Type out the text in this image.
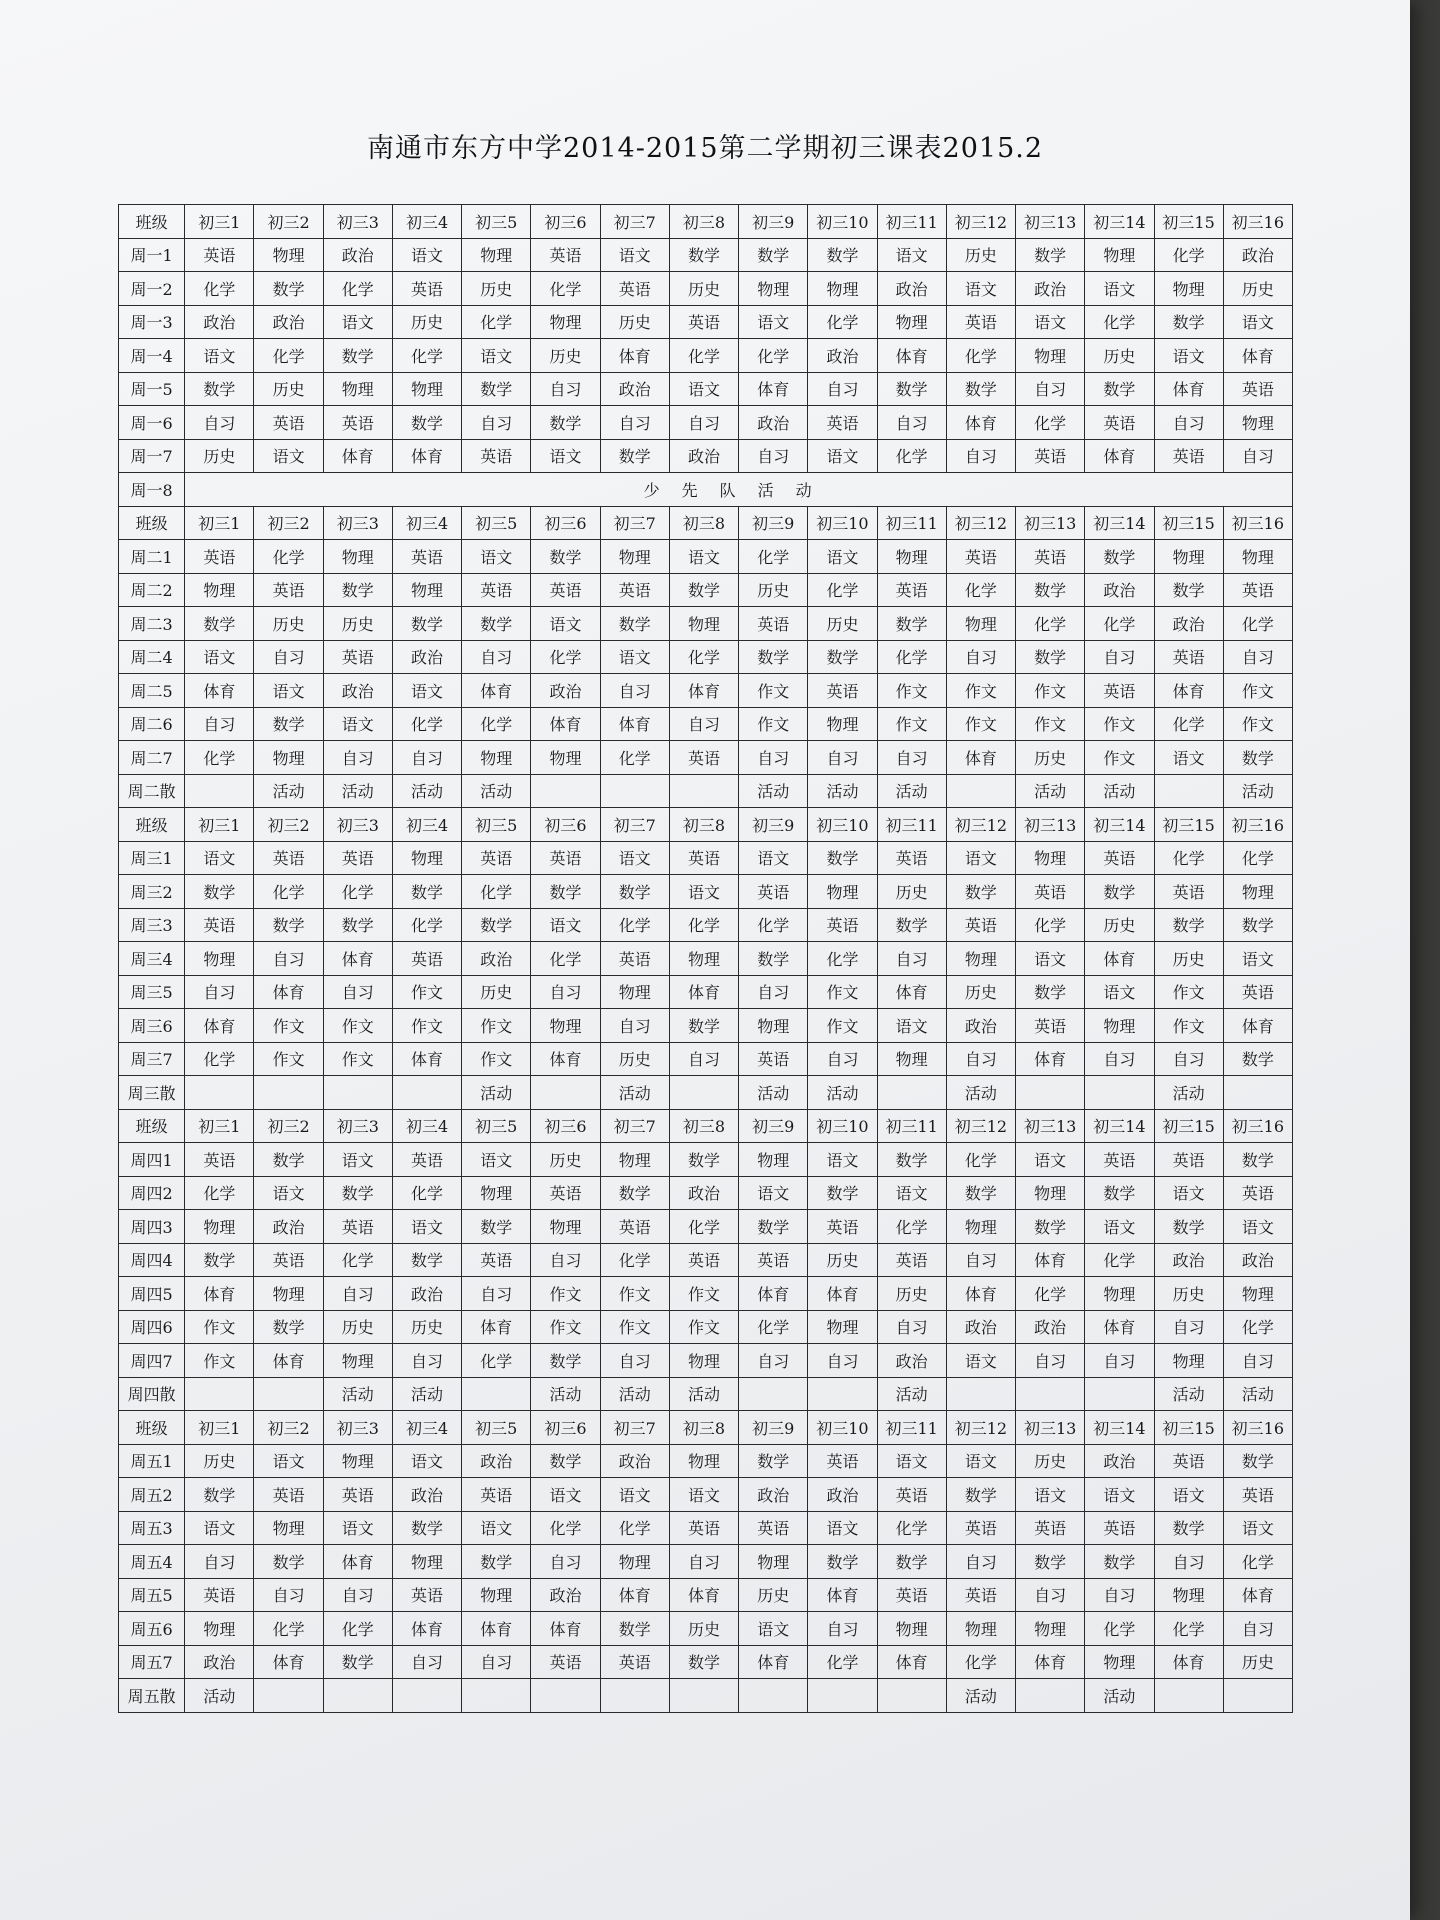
南通市东方中学2014-2015第二学期初三课表2015.2
班级	初三1	初三2	初三3	初三4	初三5	初三6	初三7	初三8	初三9	初三10	初三11	初三12	初三13	初三14	初三15	初三16
周一1	英语	物理	政治	语文	物理	英语	语文	数学	数学	数学	语文	历史	数学	物理	化学	政治
周一2	化学	数学	化学	英语	历史	化学	英语	历史	物理	物理	政治	语文	政治	语文	物理	历史
周一3	政治	政治	语文	历史	化学	物理	历史	英语	语文	化学	物理	英语	语文	化学	数学	语文
周一4	语文	化学	数学	化学	语文	历史	体育	化学	化学	政治	体育	化学	物理	历史	语文	体育
周一5	数学	历史	物理	物理	数学	自习	政治	语文	体育	自习	数学	数学	自习	数学	体育	英语
周一6	自习	英语	英语	数学	自习	数学	自习	自习	政治	英语	自习	体育	化学	英语	自习	物理
周一7	历史	语文	体育	体育	英语	语文	数学	政治	自习	语文	化学	自习	英语	体育	英语	自习
周一8	少先队活动															
班级	初三1	初三2	初三3	初三4	初三5	初三6	初三7	初三8	初三9	初三10	初三11	初三12	初三13	初三14	初三15	初三16
周二1	英语	化学	物理	英语	语文	数学	物理	语文	化学	语文	物理	英语	英语	数学	物理	物理
周二2	物理	英语	数学	物理	英语	英语	英语	数学	历史	化学	英语	化学	数学	政治	数学	英语
周二3	数学	历史	历史	数学	数学	语文	数学	物理	英语	历史	数学	物理	化学	化学	政治	化学
周二4	语文	自习	英语	政治	自习	化学	语文	化学	数学	数学	化学	自习	数学	自习	英语	自习
周二5	体育	语文	政治	语文	体育	政治	自习	体育	作文	英语	作文	作文	作文	英语	体育	作文
周二6	自习	数学	语文	化学	化学	体育	体育	自习	作文	物理	作文	作文	作文	作文	化学	作文
周二7	化学	物理	自习	自习	物理	物理	化学	英语	自习	自习	自习	体育	历史	作文	语文	数学
周二散		活动	活动	活动	活动				活动	活动	活动		活动	活动		活动
班级	初三1	初三2	初三3	初三4	初三5	初三6	初三7	初三8	初三9	初三10	初三11	初三12	初三13	初三14	初三15	初三16
周三1	语文	英语	英语	物理	英语	英语	语文	英语	语文	数学	英语	语文	物理	英语	化学	化学
周三2	数学	化学	化学	数学	化学	数学	数学	语文	英语	物理	历史	数学	英语	数学	英语	物理
周三3	英语	数学	数学	化学	数学	语文	化学	化学	化学	英语	数学	英语	化学	历史	数学	数学
周三4	物理	自习	体育	英语	政治	化学	英语	物理	数学	化学	自习	物理	语文	体育	历史	语文
周三5	自习	体育	自习	作文	历史	自习	物理	体育	自习	作文	体育	历史	数学	语文	作文	英语
周三6	体育	作文	作文	作文	作文	物理	自习	数学	物理	作文	语文	政治	英语	物理	作文	体育
周三7	化学	作文	作文	体育	作文	体育	历史	自习	英语	自习	物理	自习	体育	自习	自习	数学
周三散					活动		活动		活动	活动		活动			活动	
班级	初三1	初三2	初三3	初三4	初三5	初三6	初三7	初三8	初三9	初三10	初三11	初三12	初三13	初三14	初三15	初三16
周四1	英语	数学	语文	英语	语文	历史	物理	数学	物理	语文	数学	化学	语文	英语	英语	数学
周四2	化学	语文	数学	化学	物理	英语	数学	政治	语文	数学	语文	数学	物理	数学	语文	英语
周四3	物理	政治	英语	语文	数学	物理	英语	化学	数学	英语	化学	物理	数学	语文	数学	语文
周四4	数学	英语	化学	数学	英语	自习	化学	英语	英语	历史	英语	自习	体育	化学	政治	政治
周四5	体育	物理	自习	政治	自习	作文	作文	作文	体育	体育	历史	体育	化学	物理	历史	物理
周四6	作文	数学	历史	历史	体育	作文	作文	作文	化学	物理	自习	政治	政治	体育	自习	化学
周四7	作文	体育	物理	自习	化学	数学	自习	物理	自习	自习	政治	语文	自习	自习	物理	自习
周四散			活动	活动		活动	活动	活动			活动				活动	活动
班级	初三1	初三2	初三3	初三4	初三5	初三6	初三7	初三8	初三9	初三10	初三11	初三12	初三13	初三14	初三15	初三16
周五1	历史	语文	物理	语文	政治	数学	政治	物理	数学	英语	语文	语文	历史	政治	英语	数学
周五2	数学	英语	英语	政治	英语	语文	语文	语文	政治	政治	英语	数学	语文	语文	语文	英语
周五3	语文	物理	语文	数学	语文	化学	化学	英语	英语	语文	化学	英语	英语	英语	数学	语文
周五4	自习	数学	体育	物理	数学	自习	物理	自习	物理	数学	数学	自习	数学	数学	自习	化学
周五5	英语	自习	自习	英语	物理	政治	体育	体育	历史	体育	英语	英语	自习	自习	物理	体育
周五6	物理	化学	化学	体育	体育	体育	数学	历史	语文	自习	物理	物理	物理	化学	化学	自习
周五7	政治	体育	数学	自习	自习	英语	英语	数学	体育	化学	体育	化学	体育	物理	体育	历史
周五散	活动											活动		活动		
